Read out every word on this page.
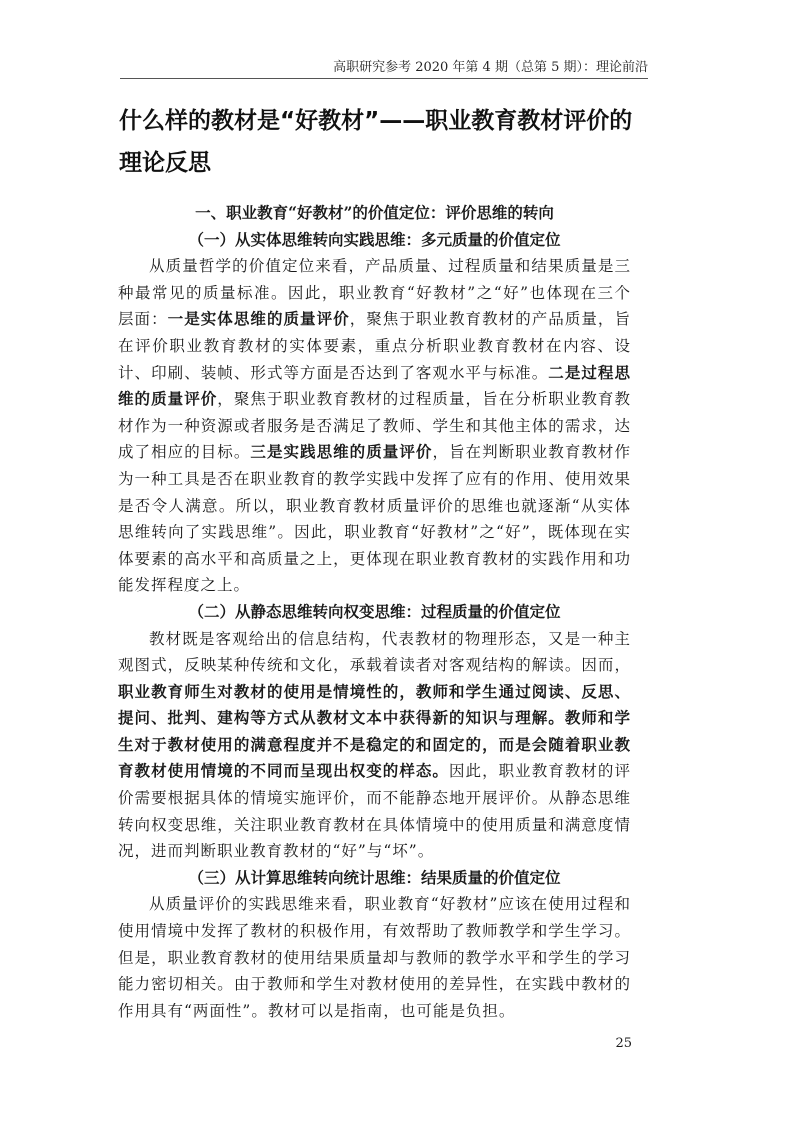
高职研究参考 2020 年第 4 期（总第 5 期）：理论前沿
什么样的教材是“好教材”——职业教育教材评价的理论反思

一、职业教育“好教材”的价值定位：评价思维的转向

（一）从实体思维转向实践思维：多元质量的价值定位

从质量哲学的价值定位来看，产品质量、过程质量和结果质量是三种最常见的质量标准。因此，职业教育“好教材”之“好”也体现在三个层面：一是实体思维的质量评价，聚焦于职业教育教材的产品质量，旨在评价职业教育教材的实体要素，重点分析职业教育教材在内容、设计、印刷、装帧、形式等方面是否达到了客观水平与标准。二是过程思维的质量评价，聚焦于职业教育教材的过程质量，旨在分析职业教育教材作为一种资源或者服务是否满足了教师、学生和其他主体的需求，达成了相应的目标。三是实践思维的质量评价，旨在判断职业教育教材作为一种工具是否在职业教育的教学实践中发挥了应有的作用、使用效果是否令人满意。所以，职业教育教材质量评价的思维也就逐渐“从实体思维转向了实践思维”。因此，职业教育“好教材”之“好”，既体现在实体要素的高水平和高质量之上，更体现在职业教育教材的实践作用和功能发挥程度之上。

（二）从静态思维转向权变思维：过程质量的价值定位

教材既是客观给出的信息结构，代表教材的物理形态，又是一种主观图式，反映某种传统和文化，承载着读者对客观结构的解读。因而，职业教育师生对教材的使用是情境性的，教师和学生通过阅读、反思、提问、批判、建构等方式从教材文本中获得新的知识与理解。教师和学生对于教材使用的满意程度并不是稳定的和固定的，而是会随着职业教育教材使用情境的不同而呈现出权变的样态。因此，职业教育教材的评价需要根据具体的情境实施评价，而不能静态地开展评价。从静态思维转向权变思维，关注职业教育教材在具体情境中的使用质量和满意度情况，进而判断职业教育教材的“好”与“坏”。

（三）从计算思维转向统计思维：结果质量的价值定位

从质量评价的实践思维来看，职业教育“好教材”应该在使用过程和使用情境中发挥了教材的积极作用，有效帮助了教师教学和学生学习。但是，职业教育教材的使用结果质量却与教师的教学水平和学生的学习能力密切相关。由于教师和学生对教材使用的差异性，在实践中教材的作用具有“两面性”。教材可以是指南，也可能是负担。

25
